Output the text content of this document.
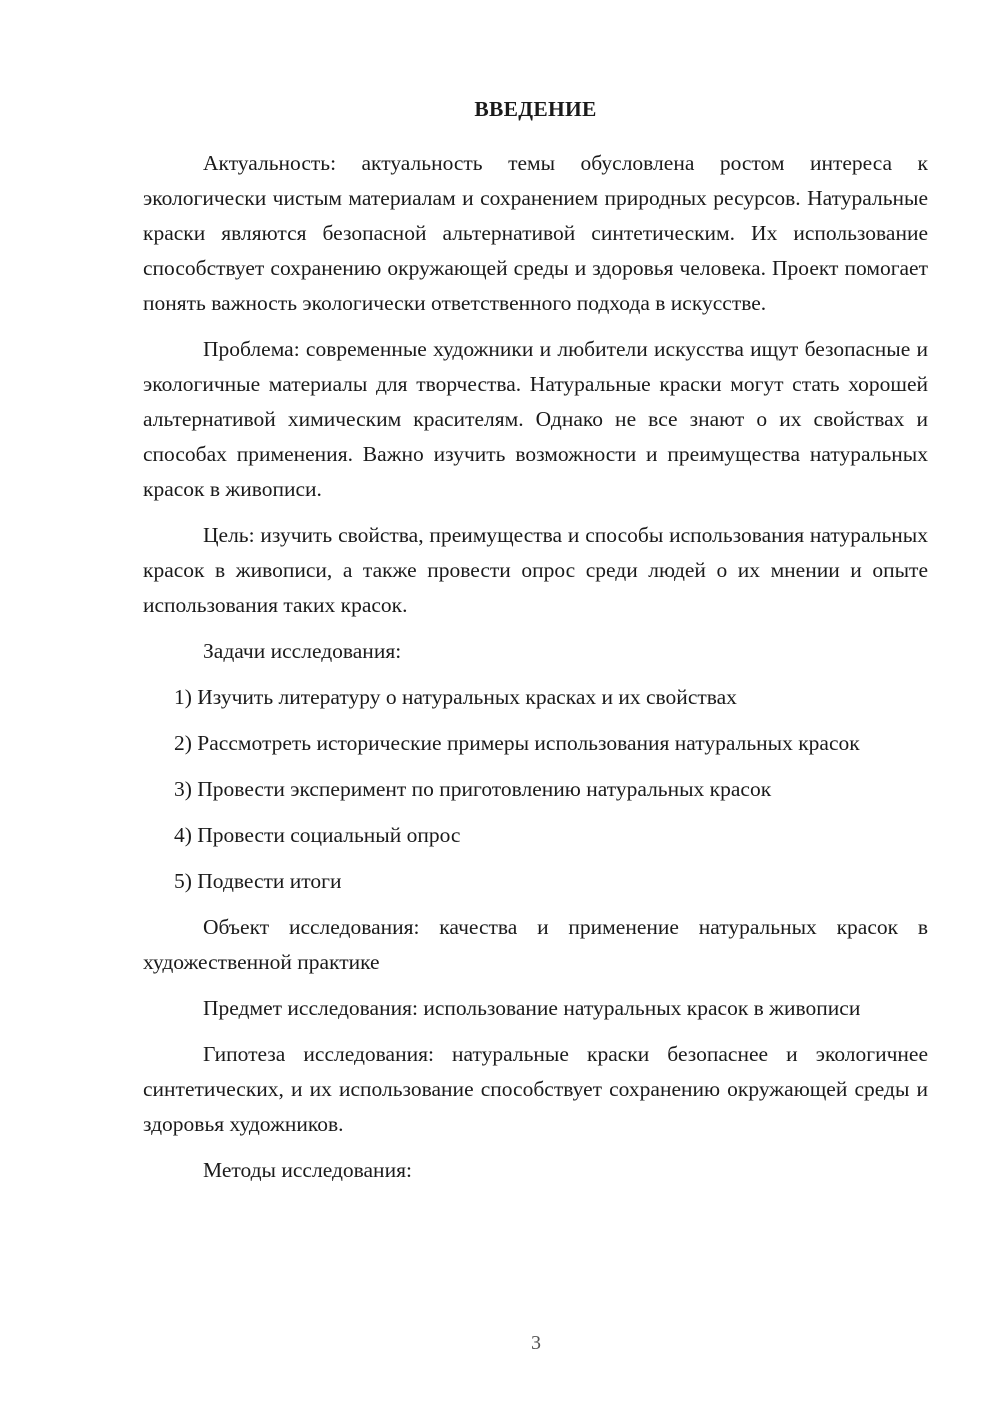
ВВЕДЕНИЕ

Актуальность: актуальность темы обусловлена ростом интереса к экологически чистым материалам и сохранением природных ресурсов. Натуральные краски являются безопасной альтернативой синтетическим. Их использование способствует сохранению окружающей среды и здоровья человека. Проект помогает понять важность экологически ответственного подхода в искусстве.

Проблема: современные художники и любители искусства ищут безопасные и экологичные материалы для творчества. Натуральные краски могут стать хорошей альтернативой химическим красителям. Однако не все знают о их свойствах и способах применения. Важно изучить возможности и преимущества натуральных красок в живописи.

Цель: изучить свойства, преимущества и способы использования натуральных красок в живописи, а также провести опрос среди людей о их мнении и опыте использования таких красок.

Задачи исследования:

1) Изучить литературу о натуральных красках и их свойствах

2) Рассмотреть исторические примеры использования натуральных красок

3) Провести эксперимент по приготовлению натуральных красок

4) Провести социальный опрос

5) Подвести итоги

Объект исследования: качества и применение натуральных красок в художественной практике

Предмет исследования: использование натуральных красок в живописи

Гипотеза исследования: натуральные краски безопаснее и экологичнее синтетических, и их использование способствует сохранению окружающей среды и здоровья художников.

Методы исследования:

3
